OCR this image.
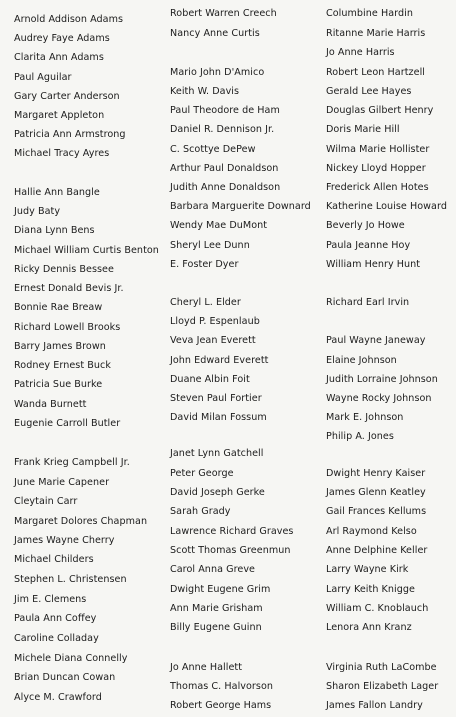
Arnold Addison Adams
Audrey Faye Adams
Clarita Ann Adams
Paul Aguilar
Gary Carter Anderson
Margaret Appleton
Patricia Ann Armstrong
Michael Tracy Ayres
Hallie Ann Bangle
Judy Baty
Diana Lynn Bens
Michael William Curtis Benton
Ricky Dennis Bessee
Ernest Donald Bevis Jr.
Bonnie Rae Breaw
Richard Lowell Brooks
Barry James Brown
Rodney Ernest Buck
Patricia Sue Burke
Wanda Burnett
Eugenie Carroll Butler
Frank Krieg Campbell Jr.
June Marie Capener
Cleytain Carr
Margaret Dolores Chapman
James Wayne Cherry
Michael Childers
Stephen L. Christensen
Jim E. Clemens
Paula Ann Coffey
Caroline Colladay
Michele Diana Connelly
Brian Duncan Cowan
Alyce M. Crawford
Robert Warren Creech
Nancy Anne Curtis
Mario John D'Amico
Keith W. Davis
Paul Theodore de Ham
Daniel R. Dennison Jr.
C. Scottye DePew
Arthur Paul Donaldson
Judith Anne Donaldson
Barbara Marguerite Downard
Wendy Mae DuMont
Sheryl Lee Dunn
E. Foster Dyer
Cheryl L. Elder
Lloyd P. Espenlaub
Veva Jean Everett
John Edward Everett
Duane Albin Foit
Steven Paul Fortier
David Milan Fossum
Janet Lynn Gatchell
Peter George
David Joseph Gerke
Sarah Grady
Lawrence Richard Graves
Scott Thomas Greenmun
Carol Anna Greve
Dwight Eugene Grim
Ann Marie Grisham
Billy Eugene Guinn
Jo Anne Hallett
Thomas C. Halvorson
Robert George Hams
Columbine Hardin
Ritanne Marie Harris
Jo Anne Harris
Robert Leon Hartzell
Gerald Lee Hayes
Douglas Gilbert Henry
Doris Marie Hill
Wilma Marie Hollister
Nickey Lloyd Hopper
Frederick Allen Hotes
Katherine Louise Howard
Beverly Jo Howe
Paula Jeanne Hoy
William Henry Hunt
Richard Earl Irvin
Paul Wayne Janeway
Elaine Johnson
Judith Lorraine Johnson
Wayne Rocky Johnson
Mark E. Johnson
Philip A. Jones
Dwight Henry Kaiser
James Glenn Keatley
Gail Frances Kellums
Arl Raymond Kelso
Anne Delphine Keller
Larry Wayne Kirk
Larry Keith Knigge
William C. Knoblauch
Lenora Ann Kranz
Virginia Ruth LaCombe
Sharon Elizabeth Lager
James Fallon Landry
